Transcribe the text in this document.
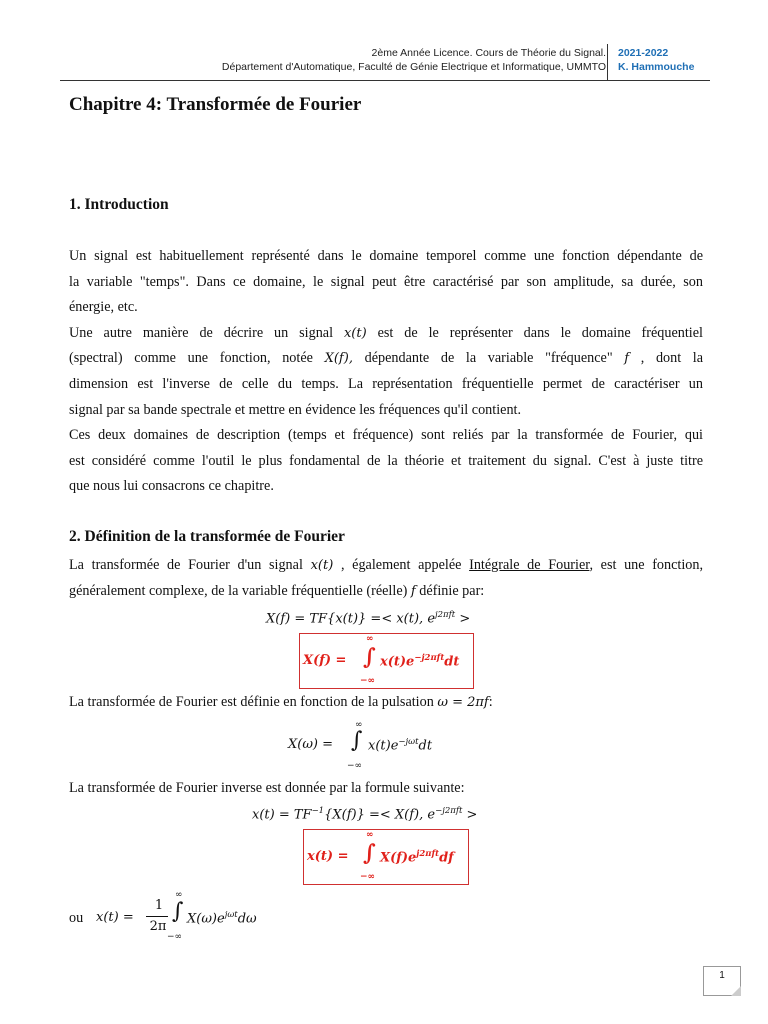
2ème Année Licence. Cours de Théorie du Signal.
Département d'Automatique, Faculté de Génie Electrique et Informatique, UMMTO
2021-2022
K. Hammouche
Chapitre 4: Transformée de Fourier
1. Introduction
Un signal est habituellement représenté dans le domaine temporel comme une fonction dépendante de
la variable "temps". Dans ce domaine, le signal peut être caractérisé par son amplitude, sa durée, son
énergie, etc.
Une autre manière de décrire un signal x(t) est de le représenter dans le domaine fréquentiel
(spectral) comme une fonction, notée X(f), dépendante de la variable "fréquence" f , dont la
dimension est l'inverse de celle du temps. La représentation fréquentielle permet de caractériser un
signal par sa bande spectrale et mettre en évidence les fréquences qu'il contient.
Ces deux domaines de description (temps et fréquence) sont reliés par la transformée de Fourier, qui
est considéré comme l'outil le plus fondamental de la théorie et traitement du signal. C'est à juste titre
que nous lui consacrons ce chapitre.
2. Définition de la transformée de Fourier
La transformée de Fourier d'un signal x(t) , également appelée Intégrale de Fourier, est une fonction,
généralement complexe, de la variable fréquentielle (réelle) f définie par:
X(f) = TF{x(t)} =< x(t), $e^{j2\pi ft}$ >
X(f) =
∞
∫
−∞
$x(t)e^{-j2\pi ft}dt$
La transformée de Fourier est définie en fonction de la pulsation ω = 2πf:
X(ω) =
∞
∫
−∞
$x(t)e^{-j\omega t}dt$
La transformée de Fourier inverse est donnée par la formule suivante:
$x(t) = TF^{-1}\{X(f)\} =< X(f)$, $e^{-j2\pi ft}$ >
x(t) =
∞
∫
−∞
$X(f)e^{j2\pi ft}df$
ou x(t) =
1
2π
∞
∫
−∞
$X(\omega)e^{j\omega t}d\omega$
1
